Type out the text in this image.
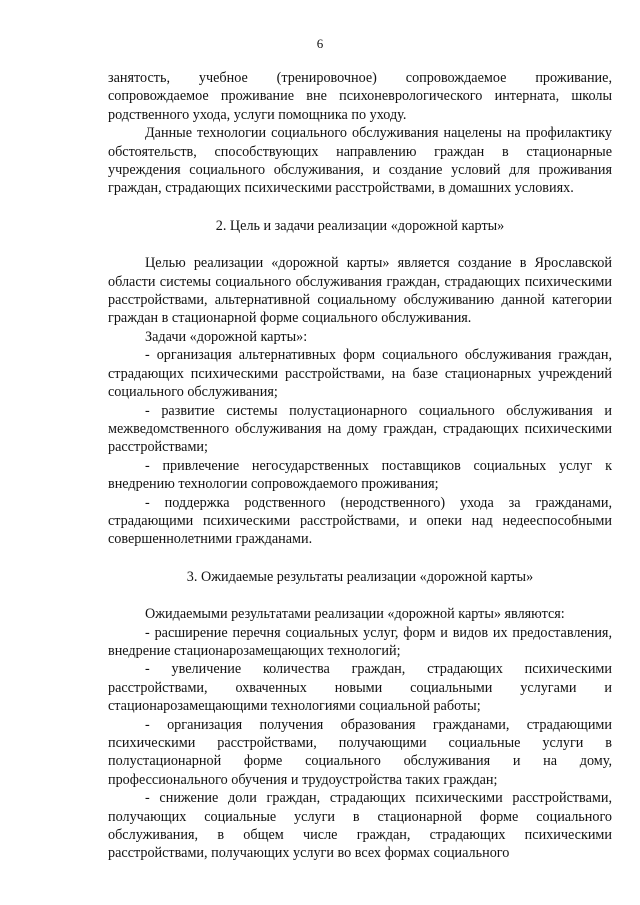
6

занятость, учебное (тренировочное) сопровождаемое проживание, сопровождаемое проживание вне психоневрологического интерната, школы родственного ухода, услуги помощника по уходу.

Данные технологии социального обслуживания нацелены на профилактику обстоятельств, способствующих направлению граждан в стационарные учреждения социального обслуживания, и создание условий для проживания граждан, страдающих психическими расстройствами, в домашних условиях.

2. Цель и задачи реализации «дорожной карты»

Целью реализации «дорожной карты» является создание в Ярославской области системы социального обслуживания граждан, страдающих психическими расстройствами, альтернативной социальному обслуживанию данной категории граждан в стационарной форме социального обслуживания.

Задачи «дорожной карты»:

- организация альтернативных форм социального обслуживания граждан, страдающих психическими расстройствами, на базе стационарных учреждений социального обслуживания;

- развитие системы полустационарного социального обслуживания и межведомственного обслуживания на дому граждан, страдающих психическими расстройствами;

- привлечение негосударственных поставщиков социальных услуг к внедрению технологии сопровождаемого проживания;

- поддержка родственного (неродственного) ухода за гражданами, страдающими психическими расстройствами, и опеки над недееспособными совершеннолетними гражданами.

3. Ожидаемые результаты реализации «дорожной карты»

Ожидаемыми результатами реализации «дорожной карты» являются:

- расширение перечня социальных услуг, форм и видов их предоставления, внедрение стационарозамещающих технологий;

- увеличение количества граждан, страдающих психическими расстройствами, охваченных новыми социальными услугами и стационарозамещающими технологиями социальной работы;

- организация получения образования гражданами, страдающими психическими расстройствами, получающими социальные услуги в полустационарной форме социального обслуживания и на дому, профессионального обучения и трудоустройства таких граждан;

- снижение доли граждан, страдающих психическими расстройствами, получающих социальные услуги в стационарной форме социального обслуживания, в общем числе граждан, страдающих психическими расстройствами, получающих услуги во всех формах социального
